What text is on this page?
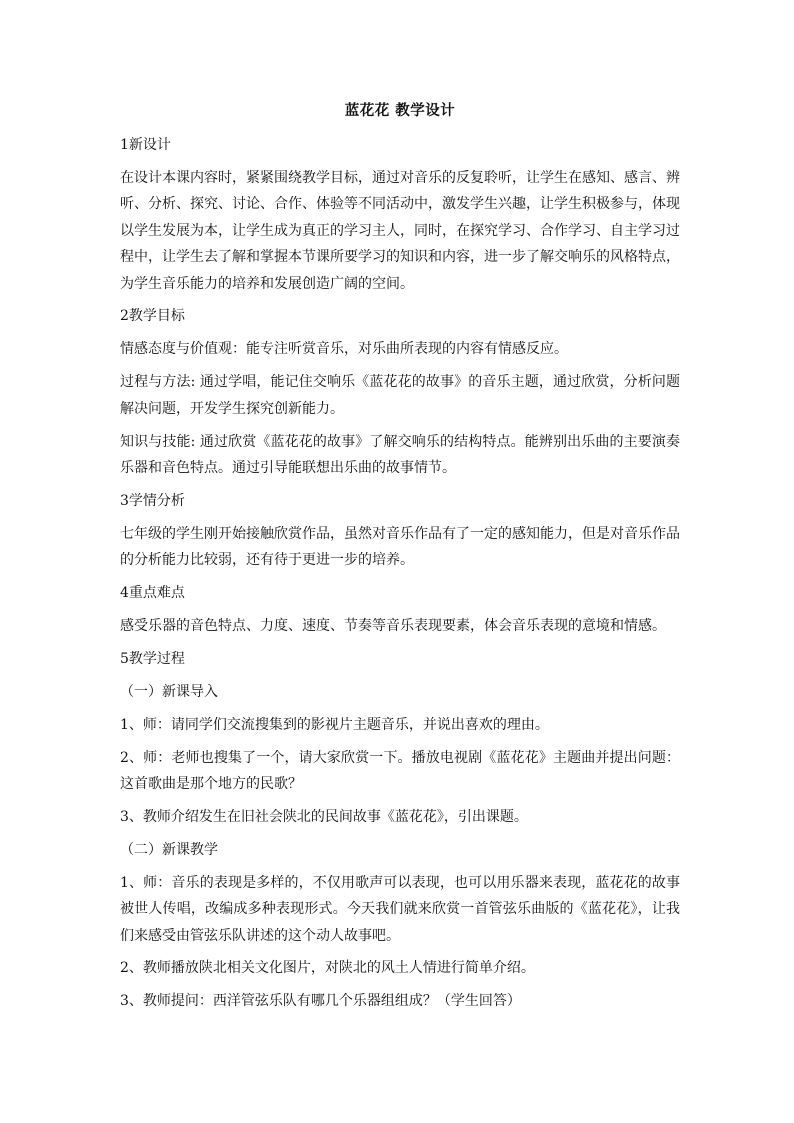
蓝花花 教学设计

1新设计

在设计本课内容时，紧紧围绕教学目标，通过对音乐的反复聆听，让学生在感知、感言、辨听、分析、探究、讨论、合作、体验等不同活动中，激发学生兴趣，让学生积极参与，体现以学生发展为本，让学生成为真正的学习主人，同时，在探究学习、合作学习、自主学习过程中，让学生去了解和掌握本节课所要学习的知识和内容，进一步了解交响乐的风格特点，为学生音乐能力的培养和发展创造广阔的空间。

2教学目标

情感态度与价值观：能专注听赏音乐，对乐曲所表现的内容有情感反应。

过程与方法: 通过学唱，能记住交响乐《蓝花花的故事》的音乐主题，通过欣赏，分析问题解决问题，开发学生探究创新能力。

知识与技能: 通过欣赏《蓝花花的故事》了解交响乐的结构特点。能辨别出乐曲的主要演奏乐器和音色特点。通过引导能联想出乐曲的故事情节。

3学情分析

七年级的学生刚开始接触欣赏作品，虽然对音乐作品有了一定的感知能力，但是对音乐作品的分析能力比较弱，还有待于更进一步的培养。

4重点难点

感受乐器的音色特点、力度、速度、节奏等音乐表现要素，体会音乐表现的意境和情感。

5教学过程

（一）新课导入

1、师：请同学们交流搜集到的影视片主题音乐，并说出喜欢的理由。

2、师：老师也搜集了一个，请大家欣赏一下。播放电视剧《蓝花花》主题曲并提出问题：这首歌曲是那个地方的民歌？

3、教师介绍发生在旧社会陕北的民间故事《蓝花花》，引出课题。

（二）新课教学

1、师：音乐的表现是多样的，不仅用歌声可以表现，也可以用乐器来表现，蓝花花的故事被世人传唱，改编成多种表现形式。今天我们就来欣赏一首管弦乐曲版的《蓝花花》，让我们来感受由管弦乐队讲述的这个动人故事吧。

2、教师播放陕北相关文化图片，对陕北的风土人情进行简单介绍。

3、教师提问：西洋管弦乐队有哪几个乐器组组成？（学生回答）
